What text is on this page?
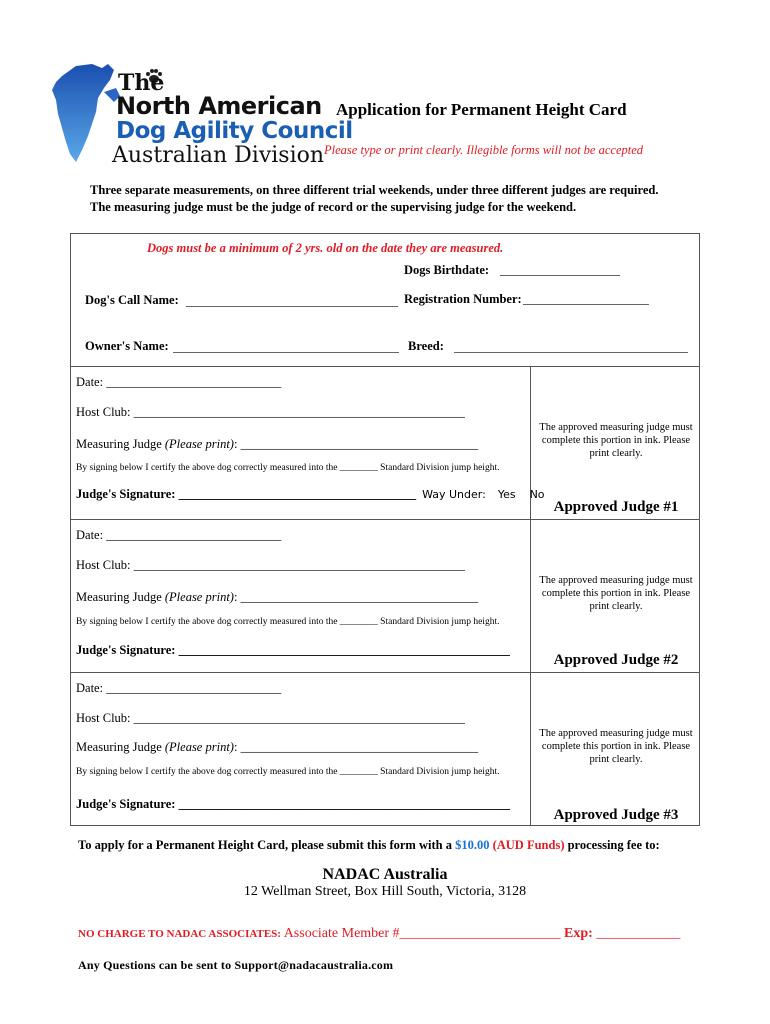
The
North American
Dog Agility Council
Australian Division
Application for Permanent Height Card
Please type or print clearly. Illegible forms will not be accepted
Three separate measurements, on three different trial weekends, under three different judges are required.
The measuring judge must be the judge of record or the supervising judge for the weekend.
Dogs must be a minimum of 2 yrs. old on the date they are measured.
Dogs Birthdate:
Dog's Call Name:	Registration Number:
Owner's Name:	Breed:
Date: ____________________________
Host Club: _____________________________________________________
Measuring Judge (Please print): ______________________________________
By signing below I certify the above dog correctly measured into the ________ Standard Division jump height.
Judge's Signature: ______________________________________ Way Under: Yes No
The approved measuring judge must complete this portion in ink. Please print clearly.
Approved Judge #1
Date: ____________________________
Host Club: _____________________________________________________
Measuring Judge (Please print): ______________________________________
By signing below I certify the above dog correctly measured into the ________ Standard Division jump height.
Judge's Signature: _____________________________________________________
The approved measuring judge must complete this portion in ink. Please print clearly.
Approved Judge #2
Date: ____________________________
Host Club: _____________________________________________________
Measuring Judge (Please print): ______________________________________
By signing below I certify the above dog correctly measured into the ________ Standard Division jump height.
Judge's Signature: _____________________________________________________
The approved measuring judge must complete this portion in ink. Please print clearly.
Approved Judge #3
To apply for a Permanent Height Card, please submit this form with a $10.00 (AUD Funds) processing fee to:
NADAC Australia
12 Wellman Street, Box Hill South, Victoria, 3128
NO CHARGE TO NADAC ASSOCIATES: Associate Member #_______________________ Exp: ____________
Any Questions can be sent to Support@nadacaustralia.com
